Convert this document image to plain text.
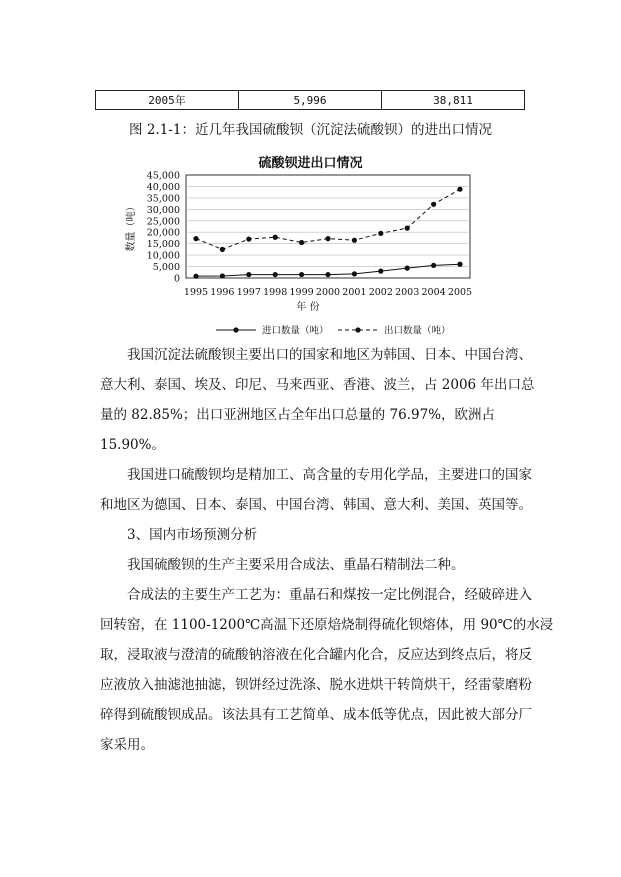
2005年	5,996	38,811
图 2.1-1：近几年我国硫酸钡（沉淀法硫酸钡）的进出口情况
硫酸钡进出口情况
0
5,000
10,000
15,000
20,000
25,000
30,000
35,000
40,000
45,000
1995 1996 1997 1998 1999 2000 2001 2002 2003 2004 2005
年 份
数量（吨）
进口数量（吨）	出口数量（吨）

　　我国沉淀法硫酸钡主要出口的国家和地区为韩国、日本、中国台湾、
意大利、泰国、埃及、印尼、马来西亚、香港、波兰，占 2006 年出口总
量的 82.85%；出口亚洲地区占全年出口总量的 76.97%，欧洲占
15.90%。

　　我国进口硫酸钡均是精加工、高含量的专用化学品，主要进口的国家
和地区为德国、日本、泰国、中国台湾、韩国、意大利、美国、英国等。

　　3、国内市场预测分析

　　我国硫酸钡的生产主要采用合成法、重晶石精制法二种。

　　合成法的主要生产工艺为：重晶石和煤按一定比例混合，经破碎进入
回转窑，在 1100-1200℃高温下还原焙烧制得硫化钡熔体，用 90℃的水浸
取，浸取液与澄清的硫酸钠溶液在化合罐内化合，反应达到终点后，将反
应液放入抽滤池抽滤，钡饼经过洗涤、脱水进烘干转筒烘干，经雷蒙磨粉
碎得到硫酸钡成品。该法具有工艺简单、成本低等优点，因此被大部分厂
家采用。
